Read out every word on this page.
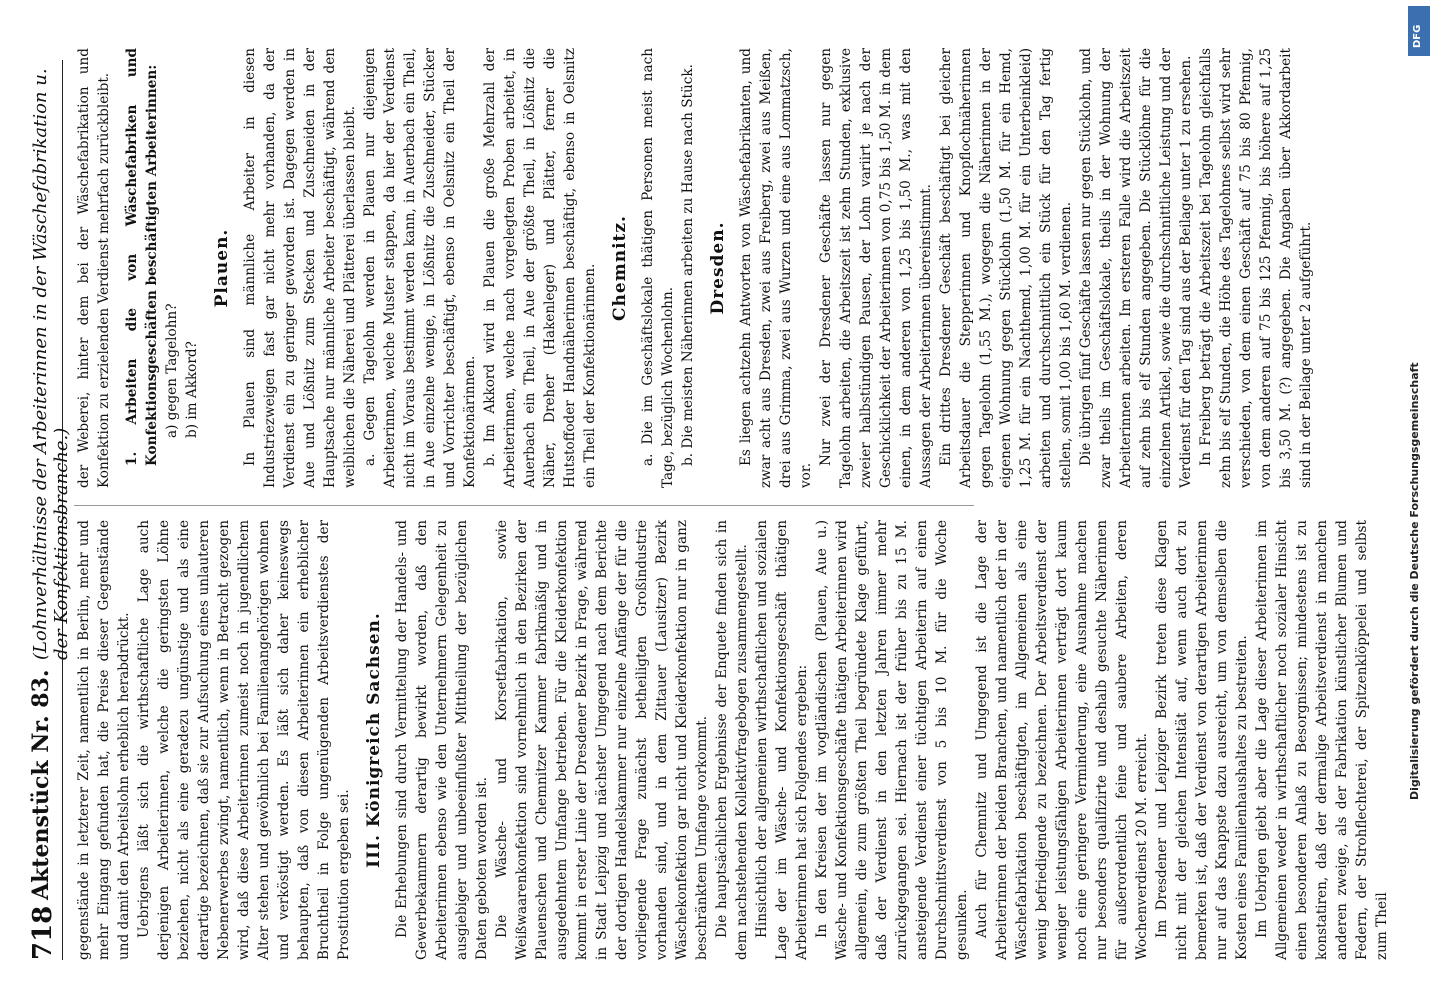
718
Aktenstück Nr. 83.
(Lohnverhältnisse der Arbeiterinnen in der Wäschefabrikation u. der Konfektionsbranche.) gegenstände in letzterer Zeit, namentlich in Berlin, mehr und mehr Eingang gefunden hat, die Preise dieser Gegenstände und damit den Arbeitslohn erheblich herabdrückt. Uebrigens läßt sich die wirthschaftliche Lage auch derjenigen Arbeiterinnen, welche die geringsten Löhne beziehen, nicht als eine geradezu ungünstige und als eine derartige bezeichnen, daß sie zur Aufsuchung eines unlauteren Nebenerwerbes zwingt, namentlich, wenn in Betracht gezogen wird, daß diese Arbeiterinnen zumeist noch in jugendlichem Alter stehen und gewöhnlich bei Familienangehörigen wohnen und verköstigt werden. Es läßt sich daher keineswegs behaupten, daß von diesen Arbeiterinnen ein erheblicher Bruchtheil in Folge ungenügenden Arbeitsverdienstes der Prostitution ergeben sei.

III. Königreich Sachsen. Die Erhebungen sind durch Vermittelung der Handels- und Gewerbekammern derartig bewirkt worden, daß den Arbeiterinnen ebenso wie den Unternehmern Gelegenheit zu ausgiebiger und unbeeinflußter Mittheilung der bezüglichen Daten geboten worden ist. Die Wäsche- und Korsetfabrikation, sowie Weißwaarenkonfektion sind vornehmlich in den Bezirken der Plauenschen und Chemnitzer Kammer fabrikmäßig und in ausgedehntem Umfange betrieben. Für die Kleiderkonfektion kommt in erster Linie der Dresdener Bezirk in Frage, während in Stadt Leipzig und nächster Umgegend nach dem Berichte der dortigen Handelskammer nur einzelne Anfänge der für die vorliegende Frage zunächst betheiligten Großindustrie vorhanden sind, und in dem Zittauer (Lausitzer) Bezirk Wäschekonfektion gar nicht und Kleiderkonfektion nur in ganz beschränktem Umfange vorkommt. Die hauptsächlichen Ergebnisse der Enquete finden sich in dem nachstehenden Kollektivfragebogen zusammengestellt. Hinsichtlich der allgemeinen wirthschaftlichen und sozialen Lage der im Wäsche- und Konfektionsgeschäft thätigen Arbeiterinnen hat sich Folgendes ergeben: In den Kreisen der im vogtländischen (Plauen, Aue u.) Wäsche- und Konfektionsgeschäfte thätigen Arbeiterinnen wird allgemein, die zum größten Theil begründete Klage geführt, daß der Verdienst in den letzten Jahren immer mehr zurückgegangen sei. Hiernach ist der früher bis zu 15 M. ansteigende Verdienst einer tüchtigen Arbeiterin auf einen Durchschnittsverdienst von 5 bis 10 M. für die Woche gesunken. Auch für Chemnitz und Umgegend ist die Lage der Arbeiterinnen der beiden Branchen, und namentlich der in der Wäschefabrikation beschäftigten, im Allgemeinen als eine wenig befriedigende zu bezeichnen. Der Arbeitsverdienst der weniger leistungsfähigen Arbeiterinnen verträgt dort kaum noch eine geringere Verminderung, eine Ausnahme machen nur besonders qualifizirte und deshalb gesuchte Näherinnen für außerordentlich feine und saubere Arbeiten, deren Wochenverdienst 20 M. erreicht. Im Dresdener und Leipziger Bezirk treten diese Klagen nicht mit der gleichen Intensität auf, wenn auch dort zu bemerken ist, daß der Verdienst von derartigen Arbeiterinnen nur auf das Knappste dazu ausreicht, um von demselben die Kosten eines Familienhaushaltes zu bestreiten. Im Uebrigen giebt aber die Lage dieser Arbeiterinnen im Allgemeinen weder in wirthschaftlicher noch sozialer Hinsicht einen besonderen Anlaß zu Besorgnissen; mindestens ist zu konstatiren, daß der dermalige Arbeitsverdienst in manchen anderen zweige, als der Fabrikation künstlicher Blumen und Federn, der Strohflechterei, der Spitzenklöppelei und selbst zum Theil

der Weberei, hinter dem bei der Wäschefabrikation und Konfektion zu erzielenden Verdienst mehrfach zurückbleibt. 1. Arbeiten die von Wäschefabriken und Konfektionsgeschäften beschäftigten Arbeiterinnen: a) gegen Tagelohn? b) im Akkord?

Plauen. In Plauen sind männliche Arbeiter in diesen Industriezweigen fast gar nicht mehr vorhanden, da der Verdienst ein zu geringer geworden ist. Dagegen werden in Aue und Lößnitz zum Stecken und Zuschneiden in der Hauptsache nur männliche Arbeiter beschäftigt, während den weiblichen die Näherei und Plätterei überlassen bleibt. a. Gegen Tagelohn werden in Plauen nur diejenigen Arbeiterinnen, welche Muster stappen, da hier der Verdienst nicht im Voraus bestimmt werden kann, in Auerbach ein Theil, in Aue einzelne wenige, in Lößnitz die Zuschneider, Stücker und Vorrichter beschäftigt, ebenso in Oelsnitz ein Theil der Konfektionärinnen. b. Im Akkord wird in Plauen die große Mehrzahl der Arbeiterinnen, welche nach vorgelegten Proben arbeitet, in Auerbach ein Theil, in Aue der größte Theil, in Lößnitz die Näher, Dreher (Hakenleger) und Plätter, ferner die Hutstoffoder Handnäherinnen beschäftigt, ebenso in Oelsnitz ein Theil der Konfektionärinnen. Chemnitz. a. Die im Geschäftslokale thätigen Personen meist nach Tage, bezüglich Wochenlohn. b. Die meisten Näherinnen arbeiten zu Hause nach Stück. Dresden. Es liegen achtzehn Antworten von Wäschefabrikanten, und zwar acht aus Dresden, zwei aus Freiberg, zwei aus Meißen, drei aus Grimma, zwei aus Wurzen und eine aus Lommatzsch, vor.

Nur zwei der Dresdener Geschäfte lassen nur gegen Tagelohn arbeiten, die Arbeitszeit ist zehn Stunden, exklusive zweier halbstündigen Pausen, der Lohn variirt je nach der Geschicklichkeit der Arbeiterinnen von 0,75 bis 1,50 M. in dem einen, in dem anderen von 1,25 bis 1,50 M., was mit den Aussagen der Arbeiterinnen übereinstimmt. Ein drittes Dresdener Geschäft beschäftigt bei gleicher Arbeitsdauer die Stepperinnen und Knopflochnäherinnen gegen Tagelohn (1,55 M.), wogegen die Näherinnen in der eigenen Wohnung gegen Stücklohn (1,50 M. für ein Hemd, 1,25 M. für ein Nachthemd, 1,00 M. für ein Unterbeinkleid) arbeiten und durchschnittlich ein Stück für den Tag fertig stellen, somit 1,00 bis 1,60 M. verdienen. Die übrigen fünf Geschäfte lassen nur gegen Stücklohn, und zwar theils im Geschäftslokale, theils in der Wohnung der Arbeiterinnen arbeiten. Im ersteren Falle wird die Arbeitszeit auf zehn bis elf Stunden angegeben. Die Stücklöhne für die einzelnen Artikel, sowie die durchschnittliche Leistung und der Verdienst für den Tag sind aus der Beilage unter 1 zu ersehen. In Freiberg beträgt die Arbeitszeit bei Tagelohn gleichfalls zehn bis elf Stunden, die Höhe des Tagelohnes selbst wird sehr verschieden, von dem einen Geschäft auf 75 bis 80 Pfennig, von dem anderen auf 75 bis 125 Pfennig, bis höhere auf 1,25 bis 3,50 M. (?) angegeben. Die Angaben über Akkordarbeit sind in der Beilage unter 2 aufgeführt.

Digitalisierung gefördert durch die Deutsche Forschungsgemeinschaft
DFG
